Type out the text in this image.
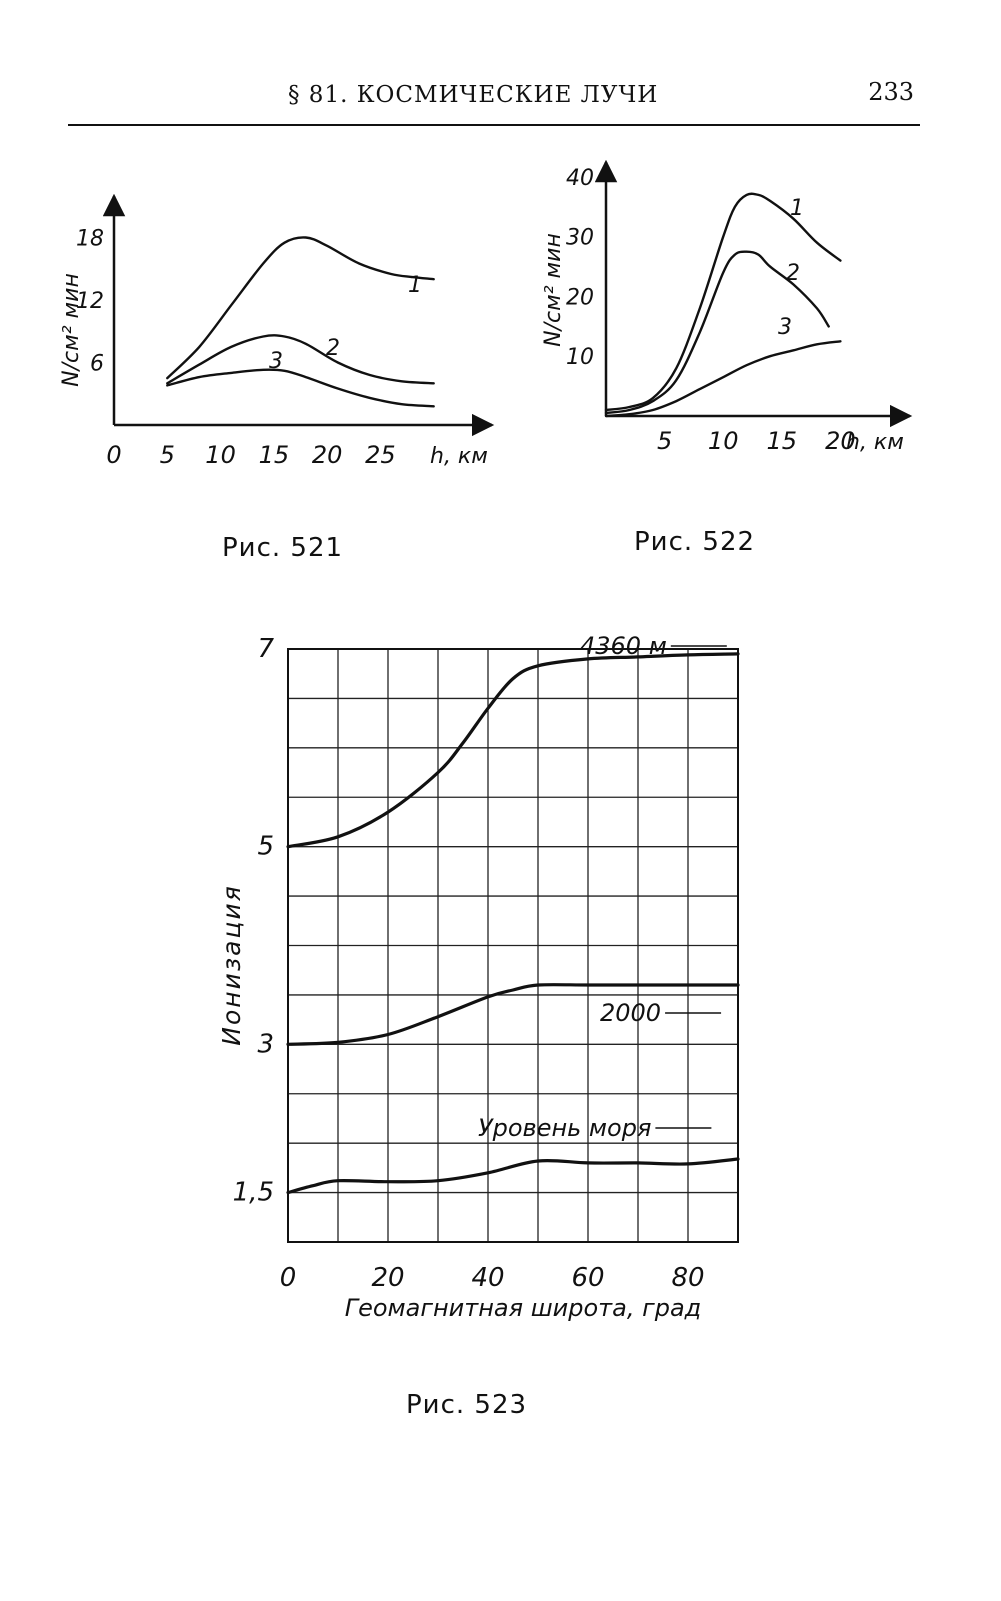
§ 81. КОСМИЧЕСКИЕ ЛУЧИ	233
0 5 10 15 20 25
6
12
18
N/см² мин
h, км
1
2
3
5 10 15 20
10
20
30
40
N/см² мин
h, км
1
2
3
0	20	40	60	80
1,5
3
5
7
Ионизация
Геомагнитная широта, град
4360 м
2000
Уровень моря
Рис. 521	Рис. 522
Рис. 523
